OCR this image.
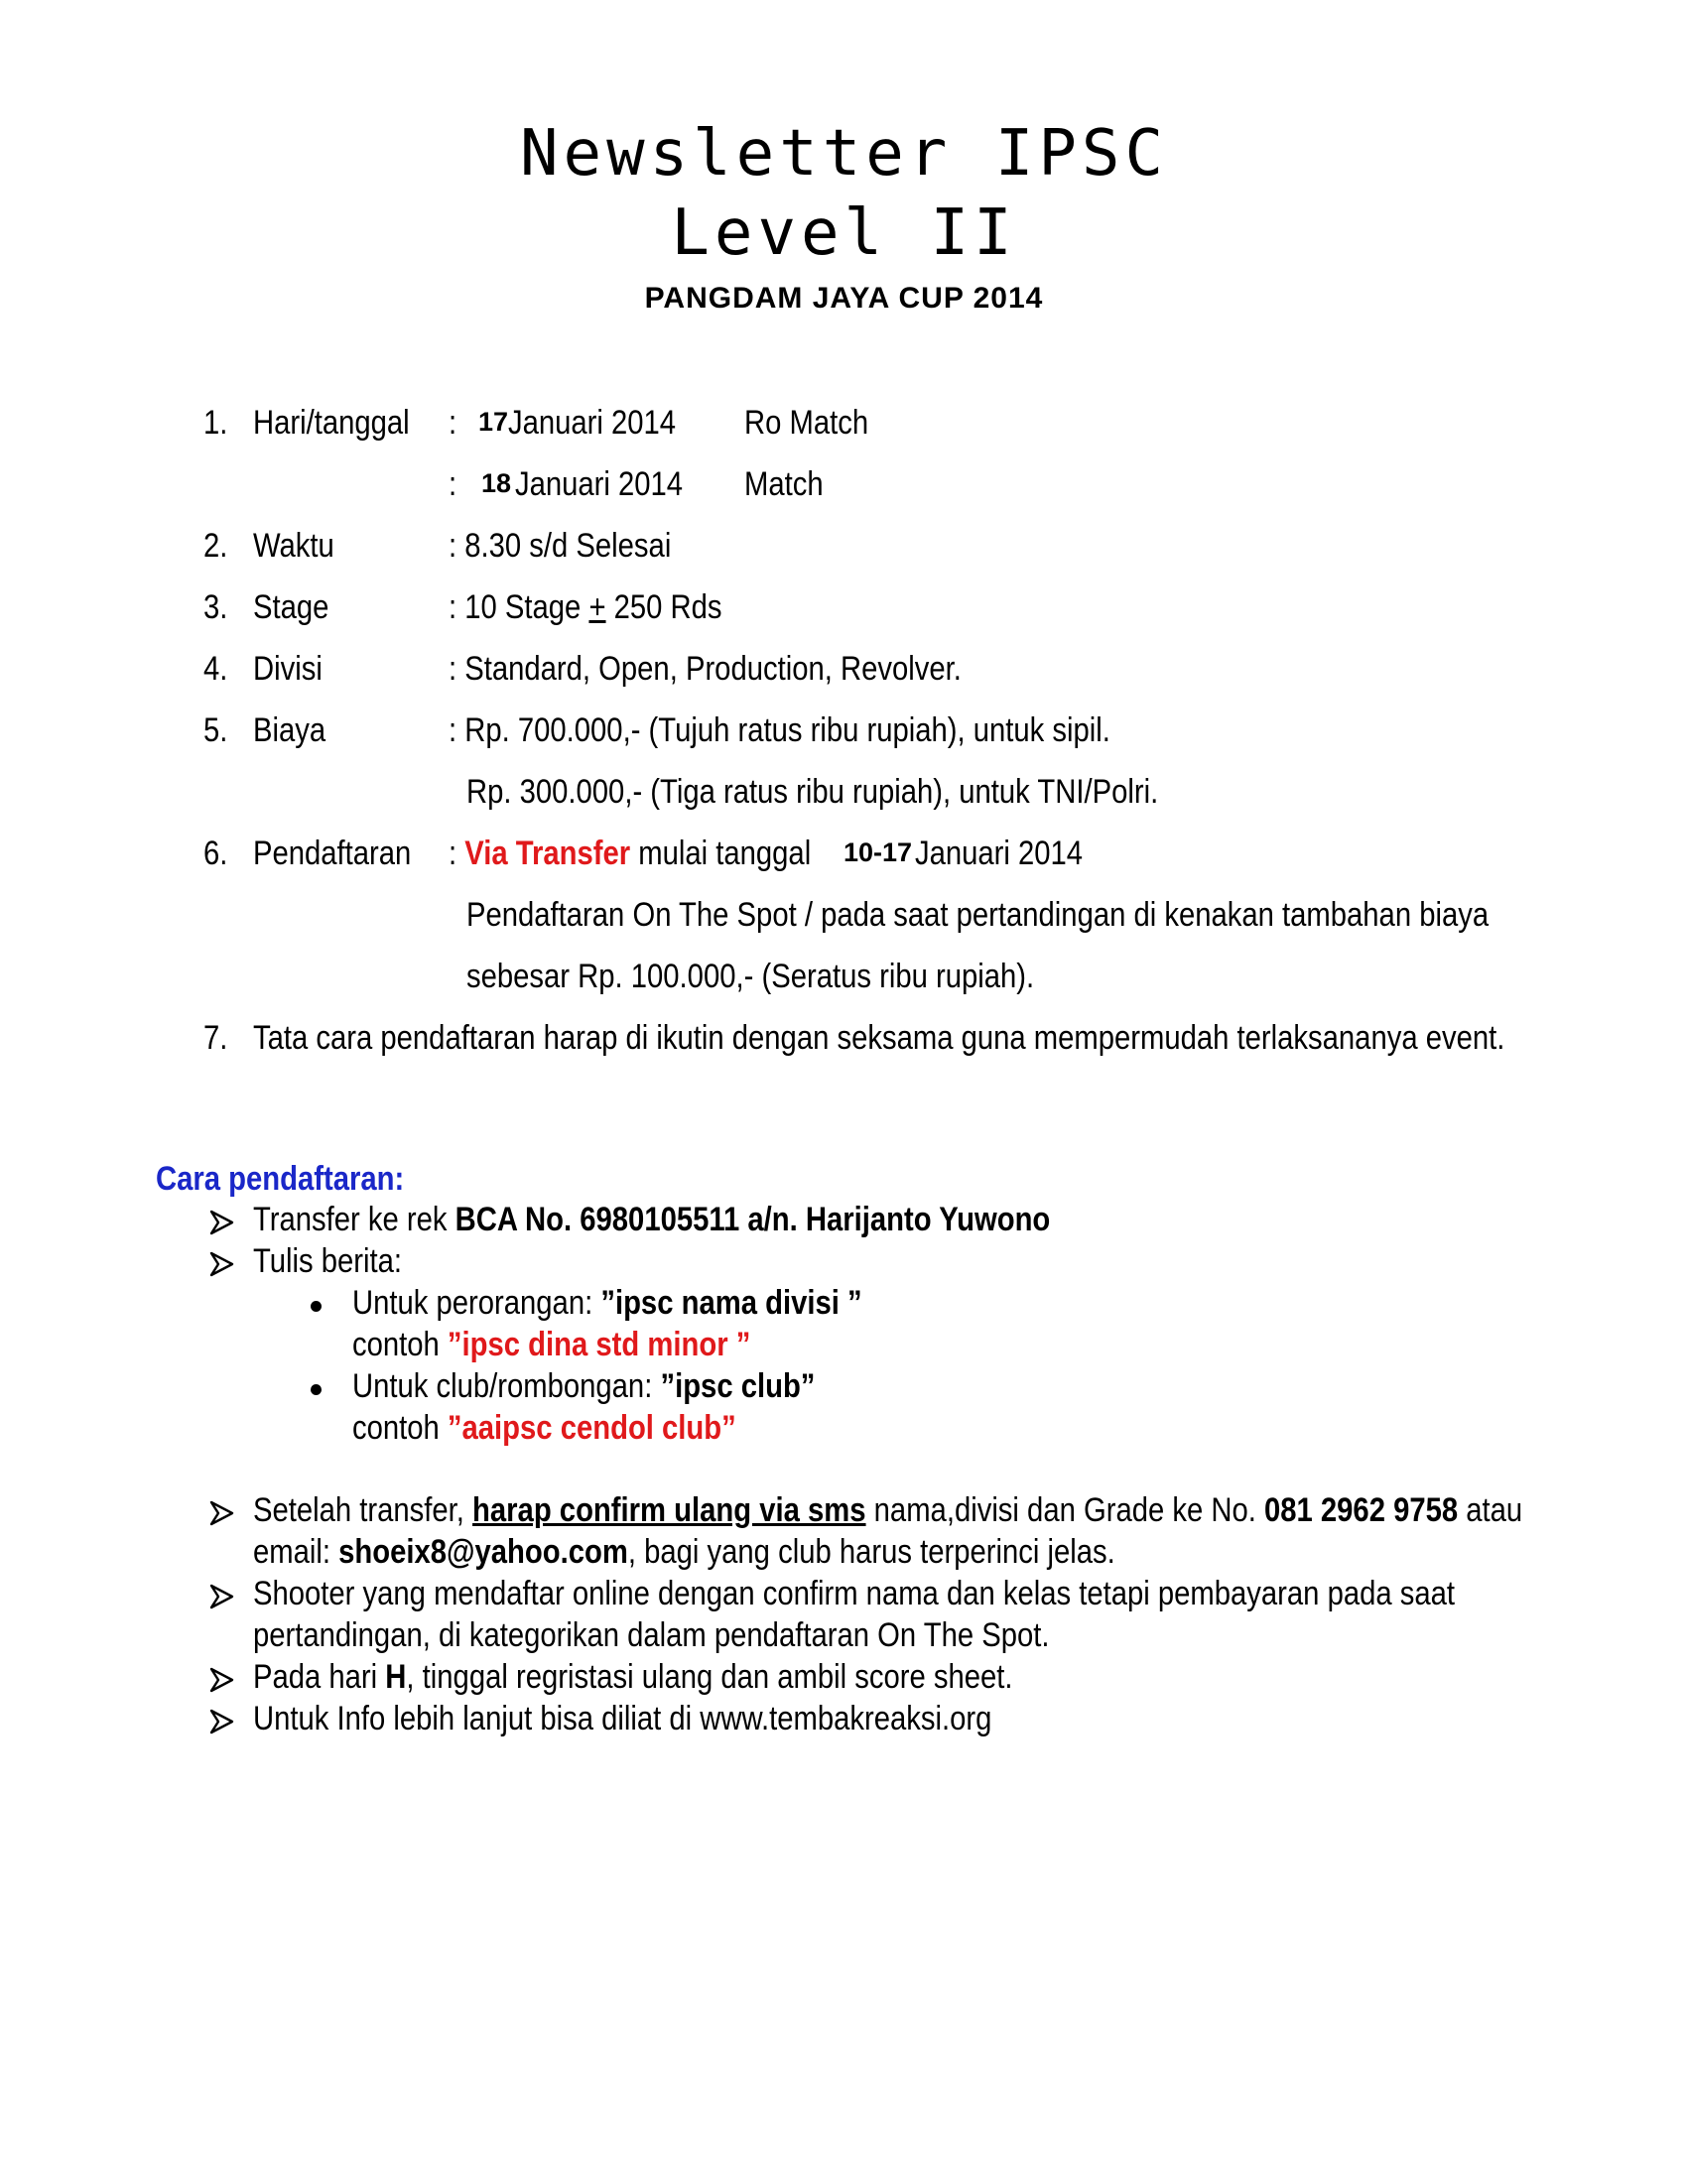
Newsletter IPSC
Level II
PANGDAM JAYA CUP 2014
1. Hari/tanggal : 17 Januari 2014 Ro Match
: 18 Januari 2014 Match
2. Waktu	: 8.30 s/d Selesai
3. Stage	: 10 Stage + 250 Rds
4. Divisi	: Standard, Open, Production, Revolver.
5. Biaya	: Rp. 700.000,- (Tujuh ratus ribu rupiah), untuk sipil.
Rp. 300.000,- (Tiga ratus ribu rupiah), untuk TNI/Polri.
6. Pendaftaran : Via Transfer mulai tanggal 10-17 Januari 2014
Pendaftaran On The Spot / pada saat pertandingan di kenakan tambahan biaya
sebesar Rp. 100.000,- (Seratus ribu rupiah).
7. Tata cara pendaftaran harap di ikutin dengan seksama guna mempermudah terlaksananya event.
Cara pendaftaran:
Transfer ke rek BCA No. 6980105511 a/n. Harijanto Yuwono
Tulis berita:
Untuk perorangan: ”ipsc nama divisi ”
contoh ”ipsc dina std minor ”
Untuk club/rombongan: ”ipsc club”
contoh ”aaipsc cendol club”
Setelah transfer, harap confirm ulang via sms nama,divisi dan Grade ke No. 081 2962 9758 atau
email: shoeix8@yahoo.com, bagi yang club harus terperinci jelas.
Shooter yang mendaftar online dengan confirm nama dan kelas tetapi pembayaran pada saat
pertandingan, di kategorikan dalam pendaftaran On The Spot.
Pada hari H, tinggal regristasi ulang dan ambil score sheet.
Untuk Info lebih lanjut bisa diliat di www.tembakreaksi.org
